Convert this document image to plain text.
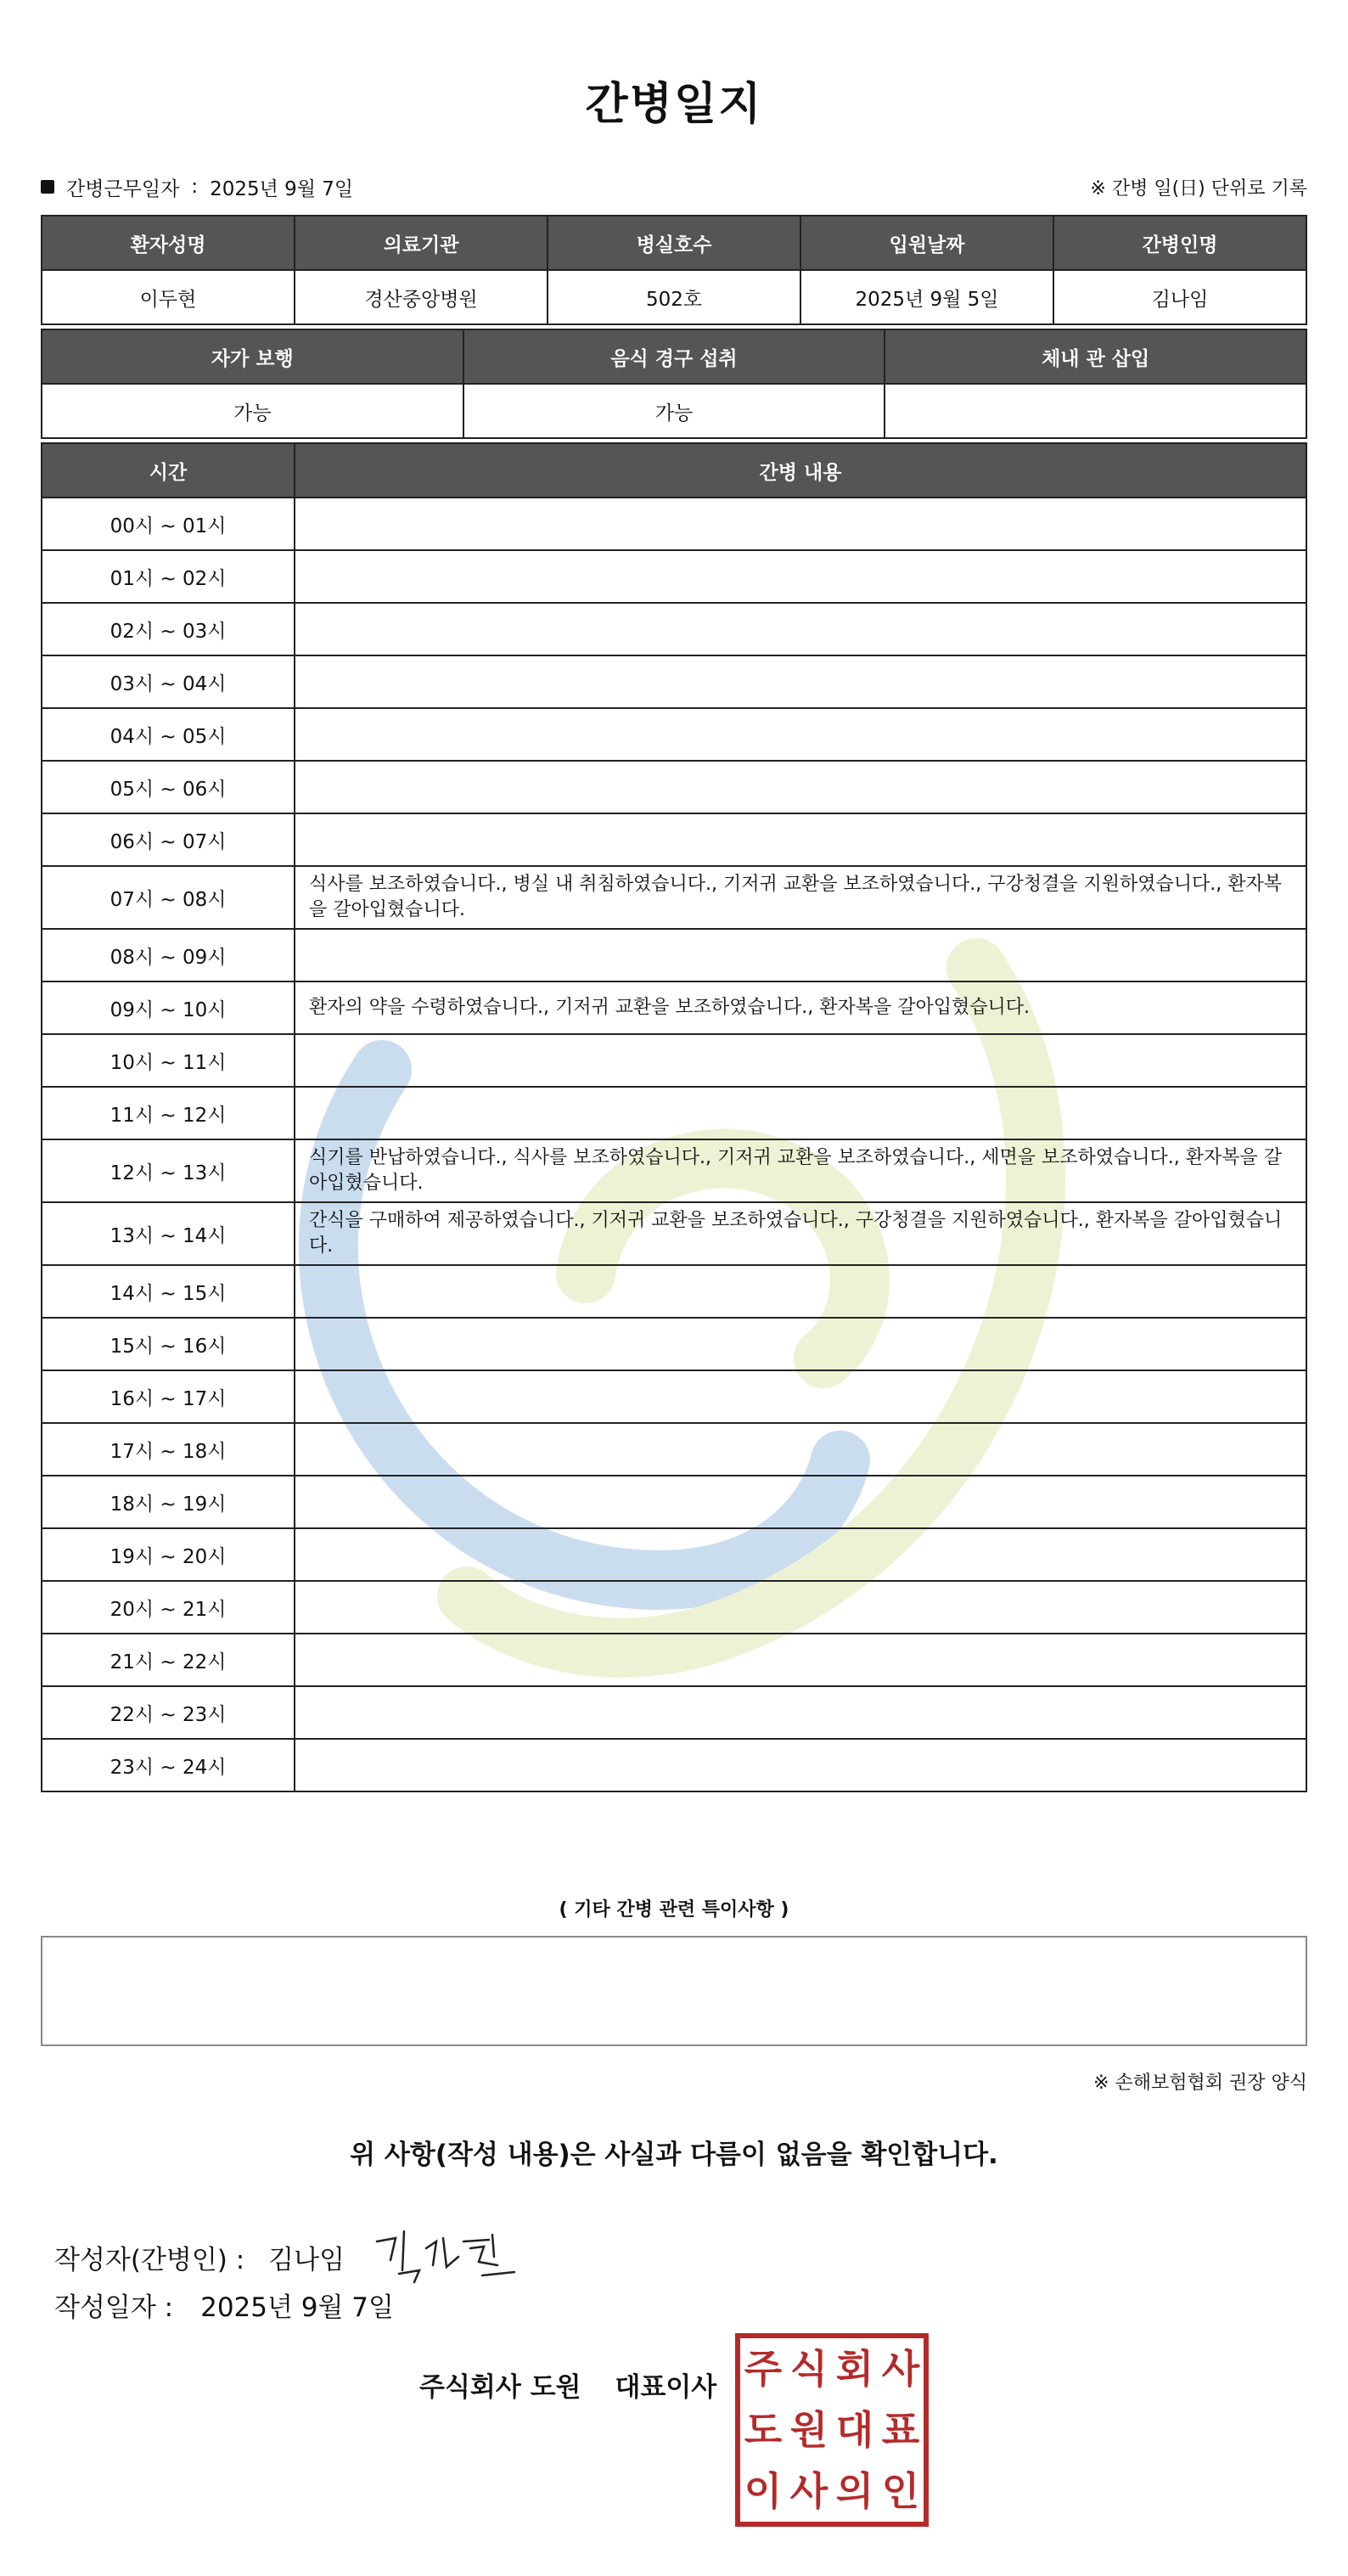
간병일지
간병근무일자 : 2025년 9월 7일	※ 간병 일(日) 단위로 기록
환자성명	의료기관	병실호수	입원날짜	간병인명
이두현	경산중앙병원	502호	2025년 9월 5일	김나임
자가 보행	음식 경구 섭취	체내 관 삽입
가능	가능	
시간	간병 내용
00시 ~ 01시	
01시 ~ 02시	
02시 ~ 03시	
03시 ~ 04시	
04시 ~ 05시	
05시 ~ 06시	
06시 ~ 07시	
07시 ~ 08시	식사를 보조하였습니다., 병실 내 취침하였습니다., 기저귀 교환을 보조하였습니다., 구강청결을 지원하였습니다., 환자복을 갈아입혔습니다.
08시 ~ 09시	
09시 ~ 10시	환자의 약을 수령하였습니다., 기저귀 교환을 보조하였습니다., 환자복을 갈아입혔습니다.
10시 ~ 11시	
11시 ~ 12시	
12시 ~ 13시	식기를 반납하였습니다., 식사를 보조하였습니다., 기저귀 교환을 보조하였습니다., 세면을 보조하였습니다., 환자복을 갈아입혔습니다.
13시 ~ 14시	간식을 구매하여 제공하였습니다., 기저귀 교환을 보조하였습니다., 구강청결을 지원하였습니다., 환자복을 갈아입혔습니다.
14시 ~ 15시	
15시 ~ 16시	
16시 ~ 17시	
17시 ~ 18시	
18시 ~ 19시	
19시 ~ 20시	
20시 ~ 21시	
21시 ~ 22시	
22시 ~ 23시	
23시 ~ 24시	
( 기타 간병 관련 특이사항 )
※ 손해보험협회 권장 양식
위 사항(작성 내용)은 사실과 다름이 없음을 확인합니다.
작성자(간병인) : 김나임
작성일자 : 2025년 9월 7일
주식회사 도원 대표이사 주 식 회 사
도 원 대 표
이 사 의 인
